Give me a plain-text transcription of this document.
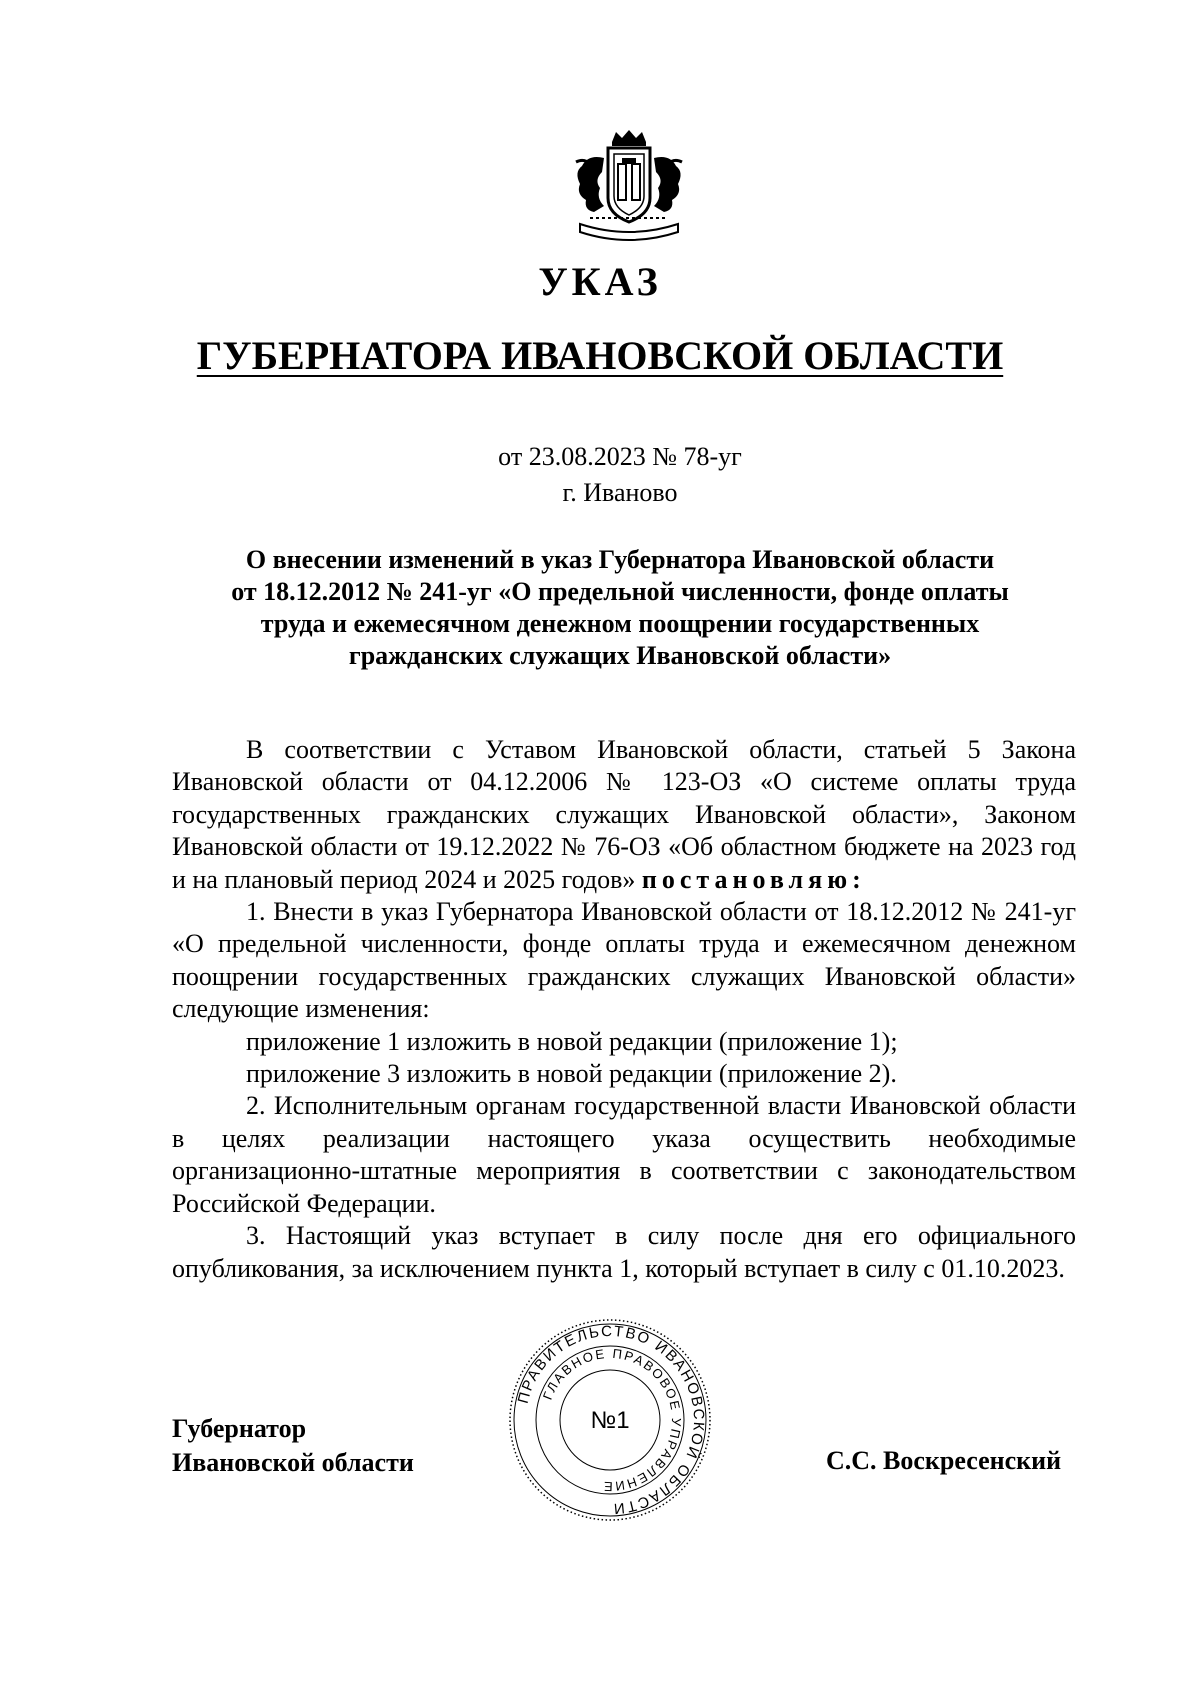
УКАЗ
ГУБЕРНАТОРА ИВАНОВСКОЙ ОБЛАСТИ
от 23.08.2023 № 78-уг
г. Иваново
О внесении изменений в указ Губернатора Ивановской области
от 18.12.2012 № 241-уг «О предельной численности, фонде оплаты
труда и ежемесячном денежном поощрении государственных
гражданских служащих Ивановской области»

В соответствии с Уставом Ивановской области, статьей 5 Закона Ивановской области от 04.12.2006 № 123-ОЗ «О системе оплаты труда государственных гражданских служащих Ивановской области», Законом Ивановской области от 19.12.2022 № 76-ОЗ «Об областном бюджете на 2023 год и на плановый период 2024 и 2025 годов» постановляю:

1. Внести в указ Губернатора Ивановской области от 18.12.2012 № 241-уг «О предельной численности, фонде оплаты труда и ежемесячном денежном поощрении государственных гражданских служащих Ивановской области» следующие изменения:

приложение 1 изложить в новой редакции (приложение 1);

приложение 3 изложить в новой редакции (приложение 2).

2. Исполнительным органам государственной власти Ивановской области в целях реализации настоящего указа осуществить необходимые организационно-штатные мероприятия в соответствии с законодательством Российской Федерации.

3. Настоящий указ вступает в силу после дня его официального опубликования, за исключением пункта 1, который вступает в силу с 01.10.2023.

Губернатор
Ивановской области
ПРАВИТЕЛЬСТВО ИВАНОВСКОЙ ОБЛАСТИ
ГЛАВНОЕ ПРАВОВОЕ УПРАВЛЕНИЕ
№1
С.С. Воскресенский
